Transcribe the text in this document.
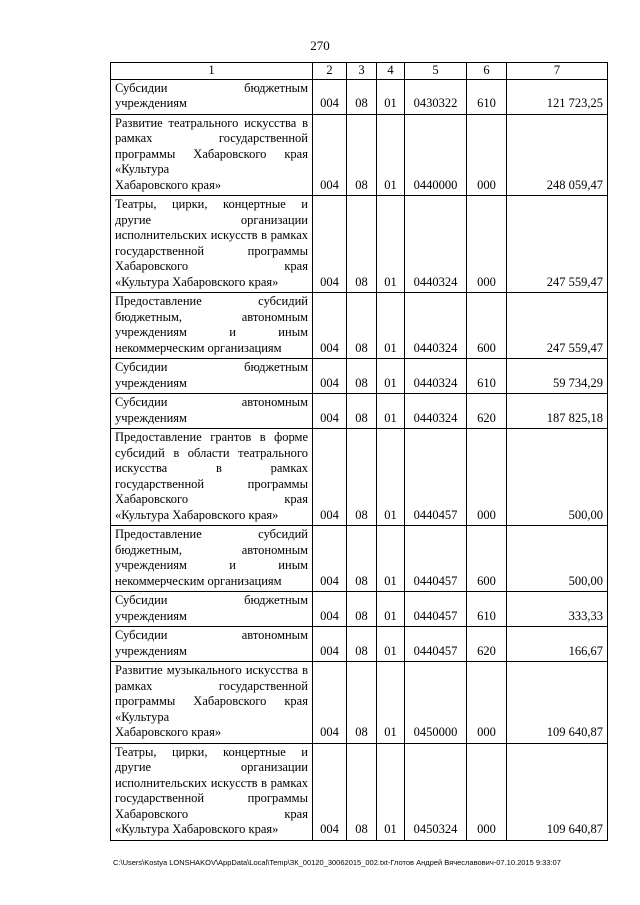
270
1	2	3	4	5	6	7
Субсидии бюджетным
учреждениям	004	08	01	0430322	610	121 723,25
Развитие театрального искусства в рамках государственной программы Хабаровского края «Культура
Хабаровского края»	004	08	01	0440000	000	248 059,47
Театры, цирки, концертные и другие организации исполнительских искусств в рамках государственной программы Хабаровского края
«Культура Хабаровского края»	004	08	01	0440324	000	247 559,47
Предоставление субсидий бюджетным, автономным учреждениям и иным
некоммерческим организациям	004	08	01	0440324	600	247 559,47
Субсидии бюджетным
учреждениям	004	08	01	0440324	610	59 734,29
Субсидии автономным
учреждениям	004	08	01	0440324	620	187 825,18
Предоставление грантов в форме субсидий в области театрального искусства в рамках государственной программы Хабаровского края
«Культура Хабаровского края»	004	08	01	0440457	000	500,00
Предоставление субсидий бюджетным, автономным учреждениям и иным
некоммерческим организациям	004	08	01	0440457	600	500,00
Субсидии бюджетным
учреждениям	004	08	01	0440457	610	333,33
Субсидии автономным
учреждениям	004	08	01	0440457	620	166,67
Развитие музыкального искусства в рамках государственной программы Хабаровского края «Культура
Хабаровского края»	004	08	01	0450000	000	109 640,87
Театры, цирки, концертные и другие организации исполнительских искусств в рамках государственной программы Хабаровского края
«Культура Хабаровского края»	004	08	01	0450324	000	109 640,87
C:\Users\Kostya LONSHAKOV\AppData\Local\Temp\ЗК_00120_30062015_002.txt-Глотов Андрей Вячеславович-07.10.2015 9:33:07
